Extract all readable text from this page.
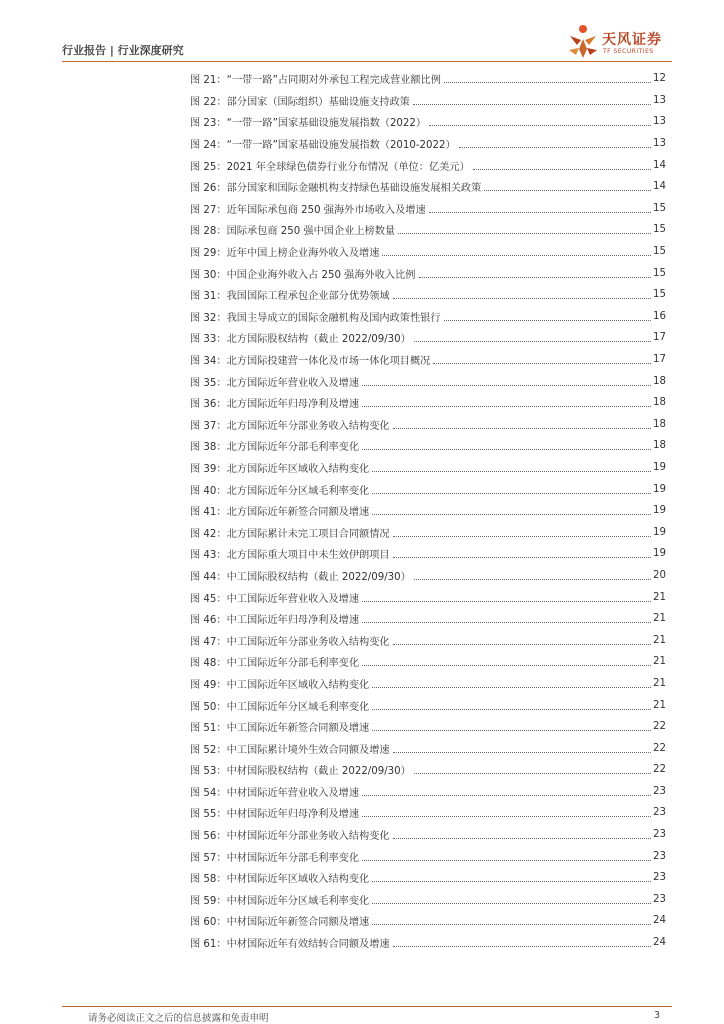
行业报告 | 行业深度研究
天风证券
TF SECURITIES
图 21：“一带一路”占同期对外承包工程完成营业额比例	12
图 22：部分国家（国际组织）基础设施支持政策	13
图 23：“一带一路”国家基础设施发展指数（2022）	13
图 24：“一带一路”国家基础设施发展指数（2010-2022）	13
图 25：2021 年全球绿色债券行业分布情况（单位：亿美元）	14
图 26：部分国家和国际金融机构支持绿色基础设施发展相关政策	14
图 27：近年国际承包商 250 强海外市场收入及增速	15
图 28：国际承包商 250 强中国企业上榜数量	15
图 29：近年中国上榜企业海外收入及增速	15
图 30：中国企业海外收入占 250 强海外收入比例	15
图 31：我国国际工程承包企业部分优势领域	15
图 32：我国主导成立的国际金融机构及国内政策性银行	16
图 33：北方国际股权结构（截止 2022/09/30）	17
图 34：北方国际投建营一体化及市场一体化项目概况	17
图 35：北方国际近年营业收入及增速	18
图 36：北方国际近年归母净利及增速	18
图 37：北方国际近年分部业务收入结构变化	18
图 38：北方国际近年分部毛利率变化	18
图 39：北方国际近年区域收入结构变化	19
图 40：北方国际近年分区域毛利率变化	19
图 41：北方国际近年新签合同额及增速	19
图 42：北方国际累计未完工项目合同额情况	19
图 43：北方国际重大项目中未生效伊朗项目	19
图 44：中工国际股权结构（截止 2022/09/30）	20
图 45：中工国际近年营业收入及增速	21
图 46：中工国际近年归母净利及增速	21
图 47：中工国际近年分部业务收入结构变化	21
图 48：中工国际近年分部毛利率变化	21
图 49：中工国际近年区域收入结构变化	21
图 50：中工国际近年分区域毛利率变化	21
图 51：中工国际近年新签合同额及增速	22
图 52：中工国际累计境外生效合同额及增速	22
图 53：中材国际股权结构（截止 2022/09/30）	22
图 54：中材国际近年营业收入及增速	23
图 55：中材国际近年归母净利及增速	23
图 56：中材国际近年分部业务收入结构变化	23
图 57：中材国际近年分部毛利率变化	23
图 58：中材国际近年区域收入结构变化	23
图 59：中材国际近年分区域毛利率变化	23
图 60：中材国际近年新签合同额及增速	24
图 61：中材国际近年有效结转合同额及增速	24
请务必阅读正文之后的信息披露和免责申明	3
